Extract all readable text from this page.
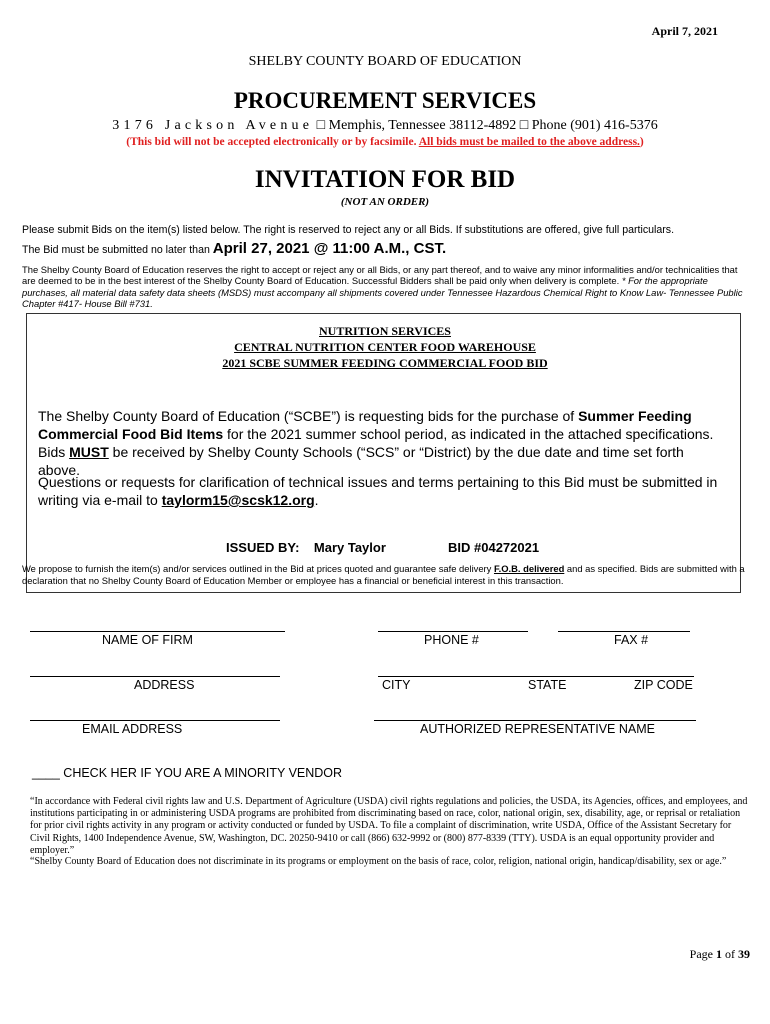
April 7, 2021
SHELBY COUNTY BOARD OF EDUCATION
PROCUREMENT SERVICES
3176 Jackson Avenue □ Memphis, Tennessee 38112-4892 □ Phone (901) 416-5376
(This bid will not be accepted electronically or by facsimile. All bids must be mailed to the above address.)
INVITATION FOR BID
(NOT AN ORDER)
Please submit Bids on the item(s) listed below. The right is reserved to reject any or all Bids. If substitutions are offered, give full particulars.
The Bid must be submitted no later than April 27, 2021 @ 11:00 A.M., CST.
The Shelby County Board of Education reserves the right to accept or reject any or all Bids, or any part thereof, and to waive any minor informalities and/or technicalities that are deemed to be in the best interest of the Shelby County Board of Education. Successful Bidders shall be paid only when delivery is complete. * For the appropriate purchases, all material data safety data sheets (MSDS) must accompany all shipments covered under Tennessee Hazardous Chemical Right to Know Law- Tennessee Public Chapter #417- House Bill #731.
NUTRITION SERVICES
CENTRAL NUTRITION CENTER FOOD WAREHOUSE
2021 SCBE SUMMER FEEDING COMMERCIAL FOOD BID
The Shelby County Board of Education (“SCBE”) is requesting bids for the purchase of Summer Feeding Commercial Food Bid Items for the 2021 summer school period, as indicated in the attached specifications. Bids MUST be received by Shelby County Schools (“SCS” or “District) by the due date and time set forth above.
Questions or requests for clarification of technical issues and terms pertaining to this Bid must be submitted in writing via e-mail to taylorm15@scsk12.org.
ISSUED BY: Mary Taylor	BID #04272021
We propose to furnish the item(s) and/or services outlined in the Bid at prices quoted and guarantee safe delivery F.O.B. delivered and as specified. Bids are submitted with a declaration that no Shelby County Board of Education Member or employee has a financial or beneficial interest in this transaction.
NAME OF FIRM	PHONE #	FAX #
ADDRESS	CITY	STATE	ZIP CODE
EMAIL ADDRESS	AUTHORIZED REPRESENTATIVE NAME
____ CHECK HER IF YOU ARE A MINORITY VENDOR
“In accordance with Federal civil rights law and U.S. Department of Agriculture (USDA) civil rights regulations and policies, the USDA, its Agencies, offices, and employees, and institutions participating in or administering USDA programs are prohibited from discriminating based on race, color, national origin, sex, disability, age, or reprisal or retaliation for prior civil rights activity in any program or activity conducted or funded by USDA. To file a complaint of discrimination, write USDA, Office of the Assistant Secretary for Civil Rights, 1400 Independence Avenue, SW, Washington, DC. 20250-9410 or call (866) 632-9992 or (800) 877-8339 (TTY). USDA is an equal opportunity provider and employer.”
“Shelby County Board of Education does not discriminate in its programs or employment on the basis of race, color, religion, national origin, handicap/disability, sex or age.”
Page 1 of 39
